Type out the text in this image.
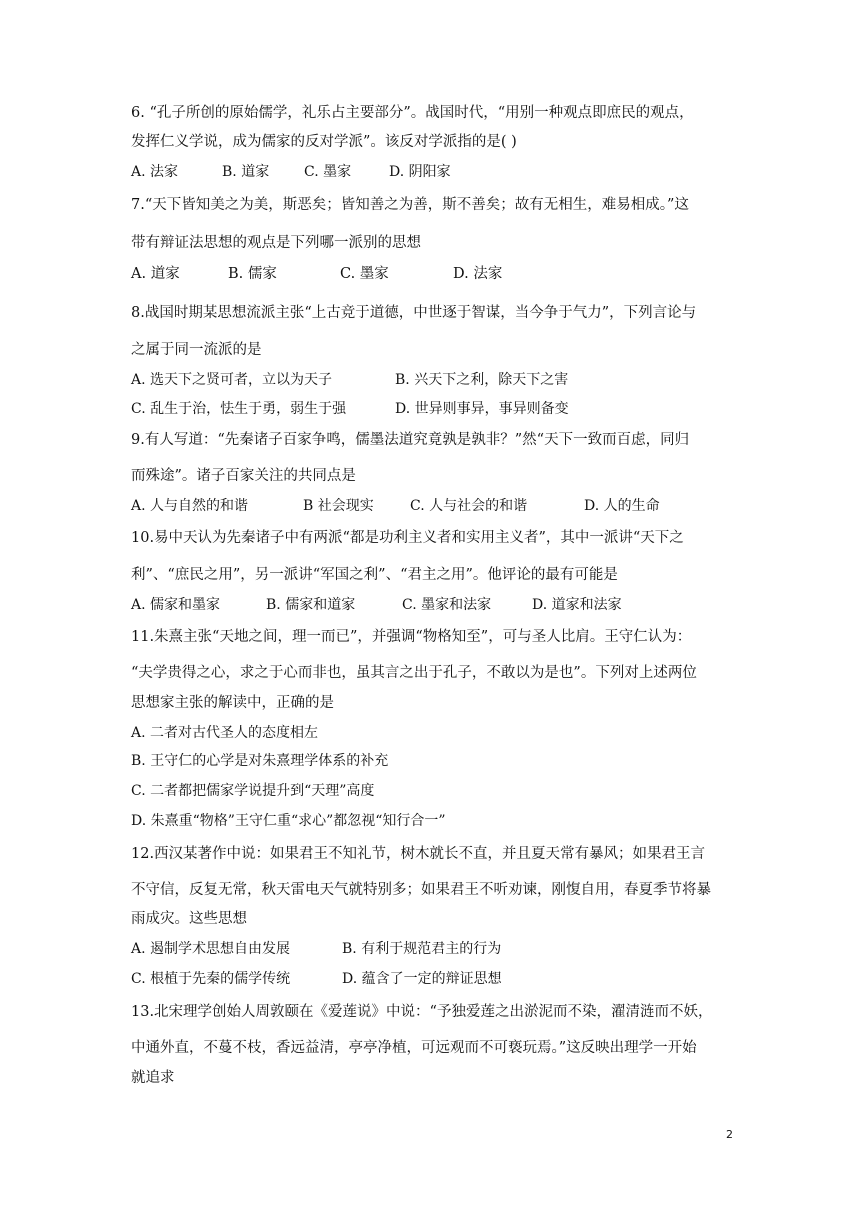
6. “孔子所创的原始儒学，礼乐占主要部分”。战国时代，“用别一种观点即庶民的观点，
发挥仁义学说，成为儒家的反对学派”。该反对学派指的是( )
A. 法家	B. 道家 C. 墨家	D. 阴阳家
7.“天下皆知美之为美，斯恶矣；皆知善之为善，斯不善矣；故有无相生，难易相成。”这
带有辩证法思想的观点是下列哪一派别的思想
A. 道家	B. 儒家	C. 墨家	D. 法家
8.战国时期某思想流派主张“上古竞于道德，中世逐于智谋，当今争于气力”，下列言论与
之属于同一流派的是
A. 选天下之贤可者，立以为天子	B. 兴天下之利，除天下之害
C. 乱生于治，怯生于勇，弱生于强	D. 世异则事异，事异则备变
9.有人写道：“先秦诸子百家争鸣，儒墨法道究竟孰是孰非？”然“天下一致而百虑，同归
而殊途”。诸子百家关注的共同点是
A. 人与自然的和谐	B 社会现实	C. 人与社会的和谐	D. 人的生命
10.易中天认为先秦诸子中有两派“都是功利主义者和实用主义者”，其中一派讲“天下之
利”、“庶民之用”，另一派讲“军国之利”、“君主之用”。他评论的最有可能是
A. 儒家和墨家	B. 儒家和道家	C. 墨家和法家	D. 道家和法家
11.朱熹主张“天地之间，理一而已”，并强调“物格知至”，可与圣人比肩。王守仁认为：
“夫学贵得之心，求之于心而非也，虽其言之出于孔子，不敢以为是也”。下列对上述两位
思想家主张的解读中，正确的是
A. 二者对古代圣人的态度相左
B. 王守仁的心学是对朱熹理学体系的补充
C. 二者都把儒家学说提升到“天理”高度
D. 朱熹重“物格”王守仁重“求心”都忽视“知行合一”
12.西汉某著作中说：如果君王不知礼节，树木就长不直，并且夏天常有暴风；如果君王言
不守信，反复无常，秋天雷电天气就特别多；如果君王不听劝谏，刚愎自用，春夏季节将暴
雨成灾。这些思想
A. 遏制学术思想自由发展	B. 有利于规范君主的行为
C. 根植于先秦的儒学传统	D. 蕴含了一定的辩证思想
13.北宋理学创始人周敦颐在《爱莲说》中说：“予独爱莲之出淤泥而不染，濯清涟而不妖，
中通外直，不蔓不枝，香远益清，亭亭净植，可远观而不可亵玩焉。”这反映出理学一开始
就追求
2
